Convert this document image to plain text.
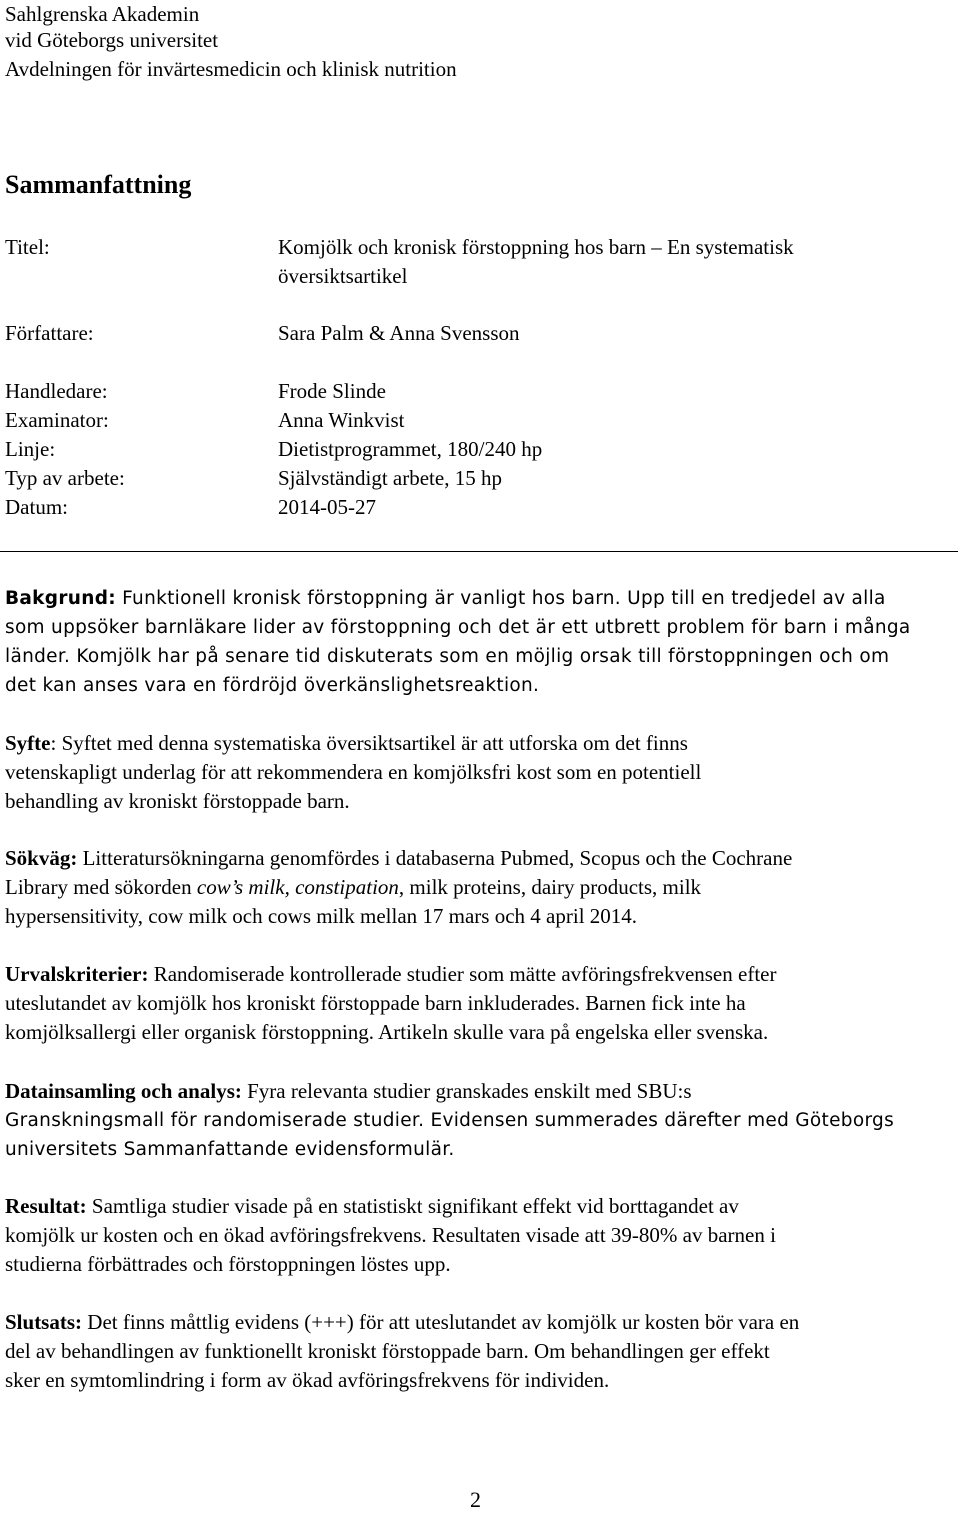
Sahlgrenska Akademin
vid Göteborgs universitet
Avdelningen för invärtesmedicin och klinisk nutrition
Sammanfattning
Titel:	Komjölk och kronisk förstoppning hos barn – En systematisk
översiktsartikel
Författare:	Sara Palm & Anna Svensson
Handledare:	Frode Slinde
Examinator:	Anna Winkvist
Linje:	Dietistprogrammet, 180/240 hp
Typ av arbete:	Självständigt arbete, 15 hp
Datum:	2014-05-27
Bakgrund: Funktionell kronisk förstoppning är vanligt hos barn. Upp till en tredjedel av alla
som uppsöker barnläkare lider av förstoppning och det är ett utbrett problem för barn i många
länder. Komjölk har på senare tid diskuterats som en möjlig orsak till förstoppningen och om
det kan anses vara en fördröjd överkänslighetsreaktion.
Syfte: Syftet med denna systematiska översiktsartikel är att utforska om det finns
vetenskapligt underlag för att rekommendera en komjölksfri kost som en potentiell
behandling av kroniskt förstoppade barn.
Sökväg: Litteratursökningarna genomfördes i databaserna Pubmed, Scopus och the Cochrane
Library med sökorden cow’s milk, constipation, milk proteins, dairy products, milk
hypersensitivity, cow milk och cows milk mellan 17 mars och 4 april 2014.
Urvalskriterier: Randomiserade kontrollerade studier som mätte avföringsfrekvensen efter
uteslutandet av komjölk hos kroniskt förstoppade barn inkluderades. Barnen fick inte ha
komjölksallergi eller organisk förstoppning. Artikeln skulle vara på engelska eller svenska.
Datainsamling och analys: Fyra relevanta studier granskades enskilt med SBU:s
Granskningsmall för randomiserade studier. Evidensen summerades därefter med Göteborgs
universitets Sammanfattande evidensformulär.
Resultat: Samtliga studier visade på en statistiskt signifikant effekt vid borttagandet av
komjölk ur kosten och en ökad avföringsfrekvens. Resultaten visade att 39-80% av barnen i
studierna förbättrades och förstoppningen löstes upp.
Slutsats: Det finns måttlig evidens (+++) för att uteslutandet av komjölk ur kosten bör vara en
del av behandlingen av funktionellt kroniskt förstoppade barn. Om behandlingen ger effekt
sker en symtomlindring i form av ökad avföringsfrekvens för individen.
2
